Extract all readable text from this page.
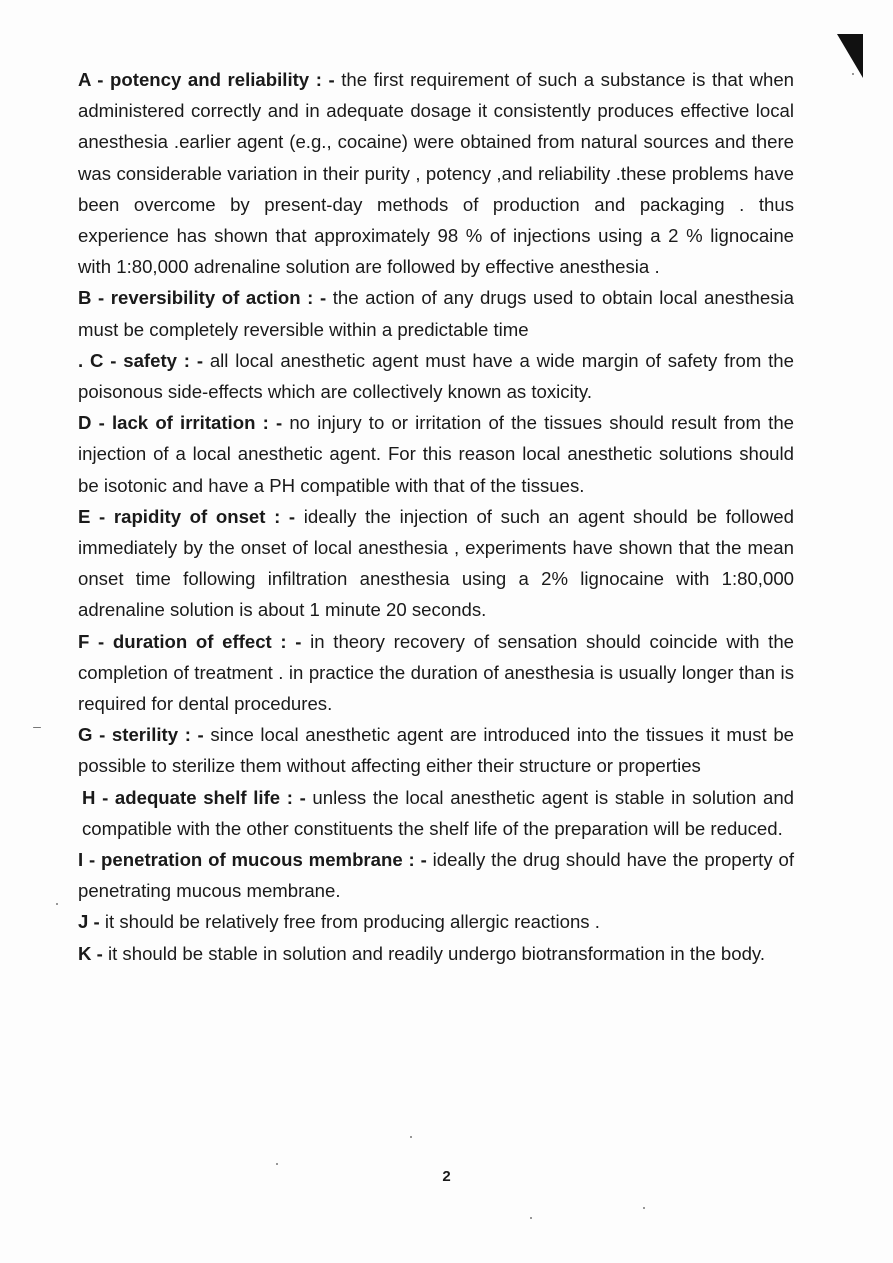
A - potency and reliability : - the first requirement of such a substance is that when administered correctly and in adequate dosage it consistently produces effective local anesthesia .earlier agent (e.g., cocaine) were obtained from natural sources and there was considerable variation in their purity , potency ,and reliability .these problems have been overcome by present-day methods of production and packaging . thus experience has shown that approximately 98 % of injections using a 2 % lignocaine with 1:80,000 adrenaline solution are followed by effective anesthesia .

B - reversibility of action : - the action of any drugs used to obtain local anesthesia must be completely reversible within a predictable time

. C - safety : - all local anesthetic agent must have a wide margin of safety from the poisonous side-effects which are collectively known as toxicity.

D - lack of irritation : - no injury to or irritation of the tissues should result from the injection of a local anesthetic agent. For this reason local anesthetic solutions should be isotonic and have a PH compatible with that of the tissues.

E - rapidity of onset : - ideally the injection of such an agent should be followed immediately by the onset of local anesthesia , experiments have shown that the mean onset time following infiltration anesthesia using a 2% lignocaine with 1:80,000 adrenaline solution is about 1 minute 20 seconds.

F - duration of effect : - in theory recovery of sensation should coincide with the completion of treatment . in practice the duration of anesthesia is usually longer than is required for dental procedures.

G - sterility : - since local anesthetic agent are introduced into the tissues it must be possible to sterilize them without affecting either their structure or properties

H - adequate shelf life : - unless the local anesthetic agent is stable in solution and compatible with the other constituents the shelf life of the preparation will be reduced.

I - penetration of mucous membrane : - ideally the drug should have the property of penetrating mucous membrane.

J - it should be relatively free from producing allergic reactions .

K - it should be stable in solution and readily undergo biotransformation in the body.

2
